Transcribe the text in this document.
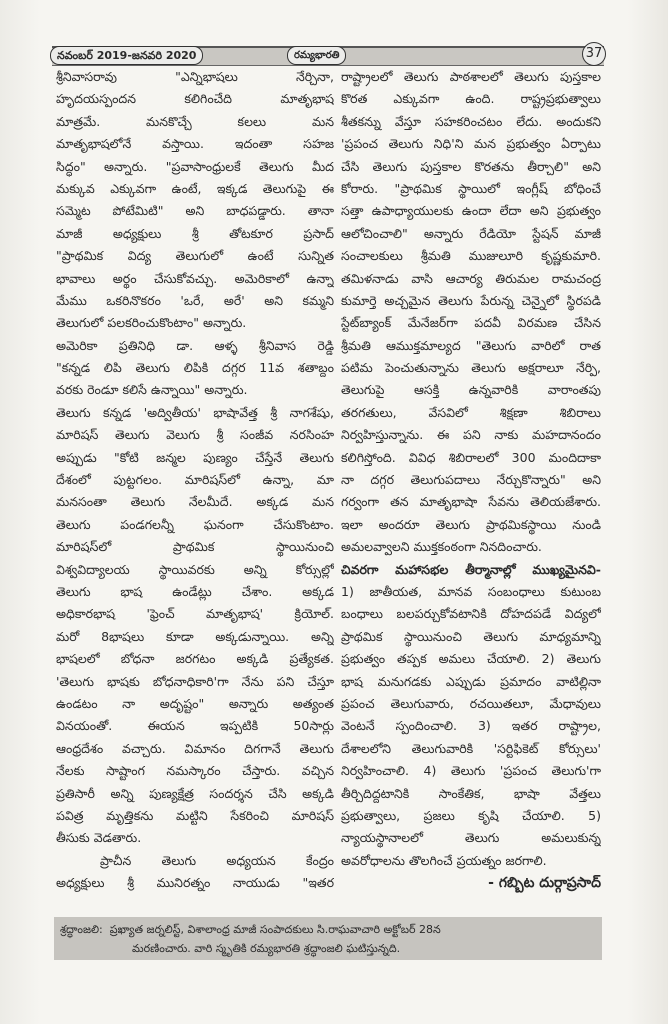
నవంబర్ 2019-జనవరి 2020	రమ్యభారతి	37
శ్రీనివాసరావు "ఎన్నిభాషలు నేర్చినా,
హృదయస్పందన కలిగించేది మాతృభాష
మాత్రమే. మనకొచ్చే కలలు మన
మాతృభాషలోనే వస్తాయి. ఇదంతా సహజ
సిద్ధం" అన్నారు. "ప్రవాసాంధ్రులకే తెలుగు మీద
మక్కువ ఎక్కువగా ఉంటే, ఇక్కడ తెలుగుపై ఈ
సమ్మెట పోటేమిటి" అని బాధపడ్డారు. తానా
మాజీ అధ్యక్షులు శ్రీ తోటకూర ప్రసాద్
"ప్రాథమిక విద్య తెలుగులో ఉంటే సున్నిత
భావాలు అర్థం చేసుకోవచ్చు. అమెరికాలో ఉన్నా
మేము ఒకరినొకరం 'ఒరే, అరే' అని కమ్మని
తెలుగులో పలకరించుకొంటాం" అన్నారు.
అమెరికా ప్రతినిధి డా. ఆళ్ళ శ్రీనివాస రెడ్డి
"కన్నడ లిపి తెలుగు లిపికి దగ్గర 11వ శతాబ్దం
వరకు రెండూ కలిసే ఉన్నాయి" అన్నారు.
తెలుగు కన్నడ 'అద్వితీయ' భాషావేత్త శ్రీ నాగశేషు,
మారిషస్ తెలుగు వెలుగు శ్రీ సంజీవ నరసింహ
అప్పుడు "కోటి జన్మల పుణ్యం చేస్తేనే తెలుగు
దేశంలో పుట్టగలం. మారిషస్‌లో ఉన్నా, మా
మనసంతా తెలుగు నేలమీదే. అక్కడ మన
తెలుగు పండగలన్నీ ఘనంగా చేసుకొంటాం.
మారిషస్‌లో ప్రాథమిక స్థాయినుంచి
విశ్వవిద్యాలయ స్థాయివరకు అన్ని కోర్సుల్లో
తెలుగు భాష ఉండేట్లు చేశాం. అక్కడ
అధికారభాష 'ఫ్రెంచ్ మాతృభాష' క్రియోల్.
మరో 8భాషలు కూడా అక్కడున్నాయి. అన్ని
భాషలలో బోధనా జరగటం అక్కడి ప్రత్యేకత.
'తెలుగు భాషకు బోధనాధికారి'గా నేను పని చేస్తూ
ఉండటం నా అదృష్టం" అన్నారు అత్యంత
వినయంతో. ఈయన ఇప్పటికి 50సార్లు
ఆంధ్రదేశం వచ్చారు. విమానం దిగగానే తెలుగు
నేలకు సాష్టాంగ నమస్కారం చేస్తారు. వచ్చిన
ప్రతిసారీ అన్ని పుణ్యక్షేత్ర సందర్శన చేసి అక్కడి
పవిత్ర మృత్తికను మట్టిని సేకరించి మారిషస్
తీసుకు వెడతారు.
ప్రాచీన తెలుగు అధ్యయన కేంద్రం
అధ్యక్షులు శ్రీ మునిరత్నం నాయుడు "ఇతర
రాష్ట్రాలలో తెలుగు పాఠశాలలో తెలుగు పుస్తకాల
కొరత ఎక్కువగా ఉంది. రాష్ట్రప్రభుత్వాలు
శీతకన్ను వేస్తూ సహకరించటం లేదు. అందుకని
'ప్రపంచ తెలుగు నిధి'ని మన ప్రభుత్వం ఏర్పాటు
చేసి తెలుగు పుస్తకాల కొరతను తీర్చాలి" అని
కోరారు. "ప్రాథమిక స్థాయిలో ఇంగ్లీష్ బోధించే
సత్తా ఉపాధ్యాయులకు ఉందా లేదా అని ప్రభుత్వం
ఆలోచించాలి" అన్నారు రేడియో స్టేషన్ మాజీ
సంచాలకులు శ్రీమతి ముజులూరి కృష్ణకుమారి.
తమిళనాడు వాసి ఆచార్య తిరుమల రామచంద్ర
కుమార్తె అచ్చమైన తెలుగు పేరున్న చెన్నైలో స్థిరపడి
స్టేట్‌బ్యాంక్ మేనేజర్‌గా పదవీ విరమణ చేసిన
శ్రీమతి ఆముక్తమాల్యద "తెలుగు వారిలో రాత
పటిమ పెంచుతున్నాను తెలుగు అక్షరాలూ నేర్పి,
తెలుగుపై ఆసక్తి ఉన్నవారికి వారాంతపు
తరగతులు, వేసవిలో శిక్షణా శిబిరాలు
నిర్వహిస్తున్నాను. ఈ పని నాకు మహదానందం
కలిగిస్తోంది. వివిధ శిబిరాలలో 300 మందిదాకా
నా దగ్గర తెలుగుపదాలు నేర్చుకొన్నారు" అని
గర్వంగా తన మాతృభాషా సేవను తెలియజేశారు.
ఇలా అందరూ తెలుగు ప్రాథమికస్థాయి నుండి
అమలవ్వాలని ముక్తకంఠంగా నినదించారు.
చివరగా మహాసభల తీర్మానాల్లో ముఖ్యమైనవి-
1) జాతీయత, మానవ సంబంధాలు కుటుంబ
బంధాలు బలపర్చుకోవటానికి దోహదపడే విద్యలో
ప్రాథమిక స్థాయినుంచి తెలుగు మాధ్యమాన్ని
ప్రభుత్వం తప్పక అమలు చేయాలి. 2) తెలుగు
భాష మనుగడకు ఎప్పుడు ప్రమాదం వాటిల్లినా
ప్రపంచ తెలుగువారు, రచయితలూ, మేధావులు
వెంటనే స్పందించాలి. 3) ఇతర రాష్ట్రాల,
దేశాలలోని తెలుగువారికి 'సర్టిఫికెట్ కోర్సులు'
నిర్వహించాలి. 4) తెలుగు 'ప్రపంచ తెలుగు'గా
తీర్చిదిద్దటానికి సాంకేతిక, భాషా వేత్తలు
ప్రభుత్వాలు, ప్రజలు కృషి చేయాలి. 5)
న్యాయస్థానాలలో తెలుగు అమలుకున్న
అవరోధాలను తొలగించే ప్రయత్నం జరగాలి.
- గబ్బిట దుర్గాప్రసాద్
శ్రద్ధాంజలి: ప్రఖ్యాత జర్నలిస్ట్, విశాలాంధ్ర మాజీ సంపాదకులు సి.రాఘవాచారి అక్టోబర్ 28న
మరణించారు. వారి స్మృతికి రమ్యభారతి శ్రద్ధాంజలి ఘటిస్తున్నది.
